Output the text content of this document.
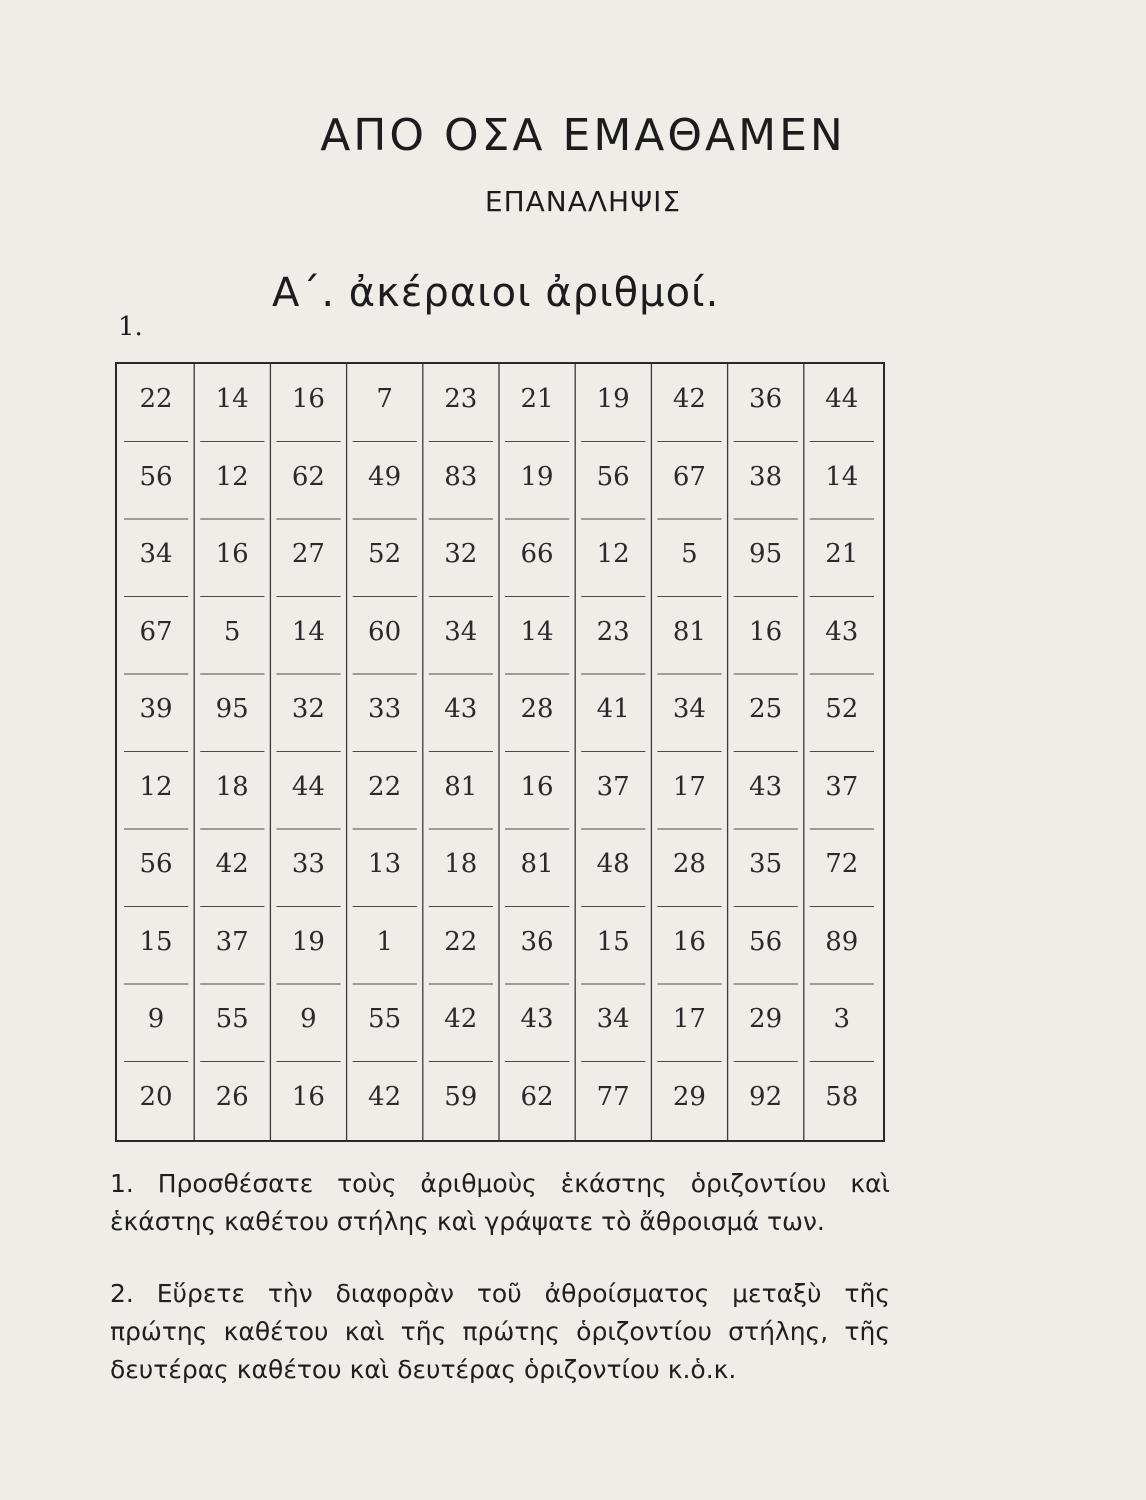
ΑΠΟ ΟΣΑ ΕΜΑΘΑΜΕΝ
ΕΠΑΝΑΛΗΨΙΣ
Α΄. ἀκέραιοι ἀριθμοί.
1.
22	14	16	7	23	21	19	42	36	44
56	12	62	49	83	19	56	67	38	14
34	16	27	52	32	66	12	5	95	21
67	5	14	60	34	14	23	81	16	43
39	95	32	33	43	28	41	34	25	52
12	18	44	22	81	16	37	17	43	37
56	42	33	13	18	81	48	28	35	72
15	37	19	1	22	36	15	16	56	89
9	55	9	55	42	43	34	17	29	3
20	26	16	42	59	62	77	29	92	58
1. Προσθέσατε τοὺς ἀριθμοὺς ἑκάστης ὁριζοντίου καὶ ἑκάστης καθέτου στήλης καὶ γράψατε τὸ ἄθροισμά των.
2. Εὕρετε τὴν διαφορὰν τοῦ ἀθροίσματος μεταξὺ τῆς πρώτης καθέτου καὶ τῆς πρώτης ὁριζοντίου στήλης, τῆς δευτέρας καθέτου καὶ δευτέρας ὁριζοντίου κ.ὁ.κ.
